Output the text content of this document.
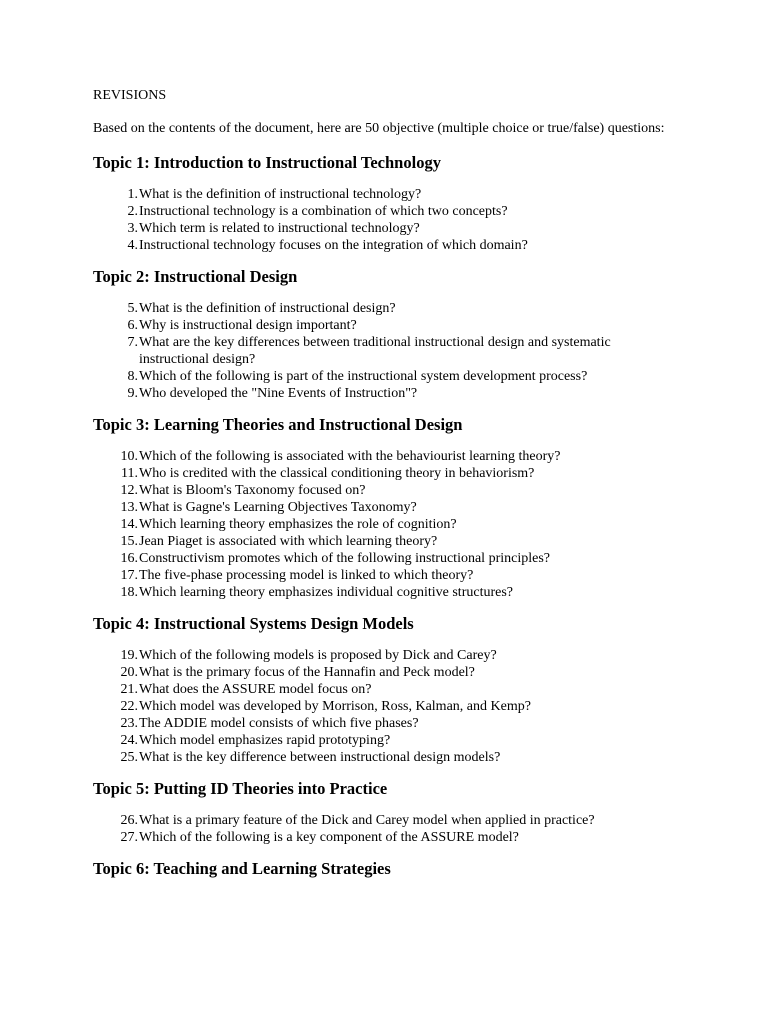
REVISIONS

Based on the contents of the document, here are 50 objective (multiple choice or true/false) questions:

Topic 1: Introduction to Instructional Technology
1. What is the definition of instructional technology?
2. Instructional technology is a combination of which two concepts?
3. Which term is related to instructional technology?
4. Instructional technology focuses on the integration of which domain?
Topic 2: Instructional Design
5. What is the definition of instructional design?
6. Why is instructional design important?
7. What are the key differences between traditional instructional design and systematic instructional design?
8. Which of the following is part of the instructional system development process?
9. Who developed the "Nine Events of Instruction"?
Topic 3: Learning Theories and Instructional Design
10. Which of the following is associated with the behaviourist learning theory?
11. Who is credited with the classical conditioning theory in behaviorism?
12. What is Bloom's Taxonomy focused on?
13. What is Gagne's Learning Objectives Taxonomy?
14. Which learning theory emphasizes the role of cognition?
15. Jean Piaget is associated with which learning theory?
16. Constructivism promotes which of the following instructional principles?
17. The five-phase processing model is linked to which theory?
18. Which learning theory emphasizes individual cognitive structures?
Topic 4: Instructional Systems Design Models
19. Which of the following models is proposed by Dick and Carey?
20. What is the primary focus of the Hannafin and Peck model?
21. What does the ASSURE model focus on?
22. Which model was developed by Morrison, Ross, Kalman, and Kemp?
23. The ADDIE model consists of which five phases?
24. Which model emphasizes rapid prototyping?
25. What is the key difference between instructional design models?
Topic 5: Putting ID Theories into Practice
26. What is a primary feature of the Dick and Carey model when applied in practice?
27. Which of the following is a key component of the ASSURE model?
Topic 6: Teaching and Learning Strategies
